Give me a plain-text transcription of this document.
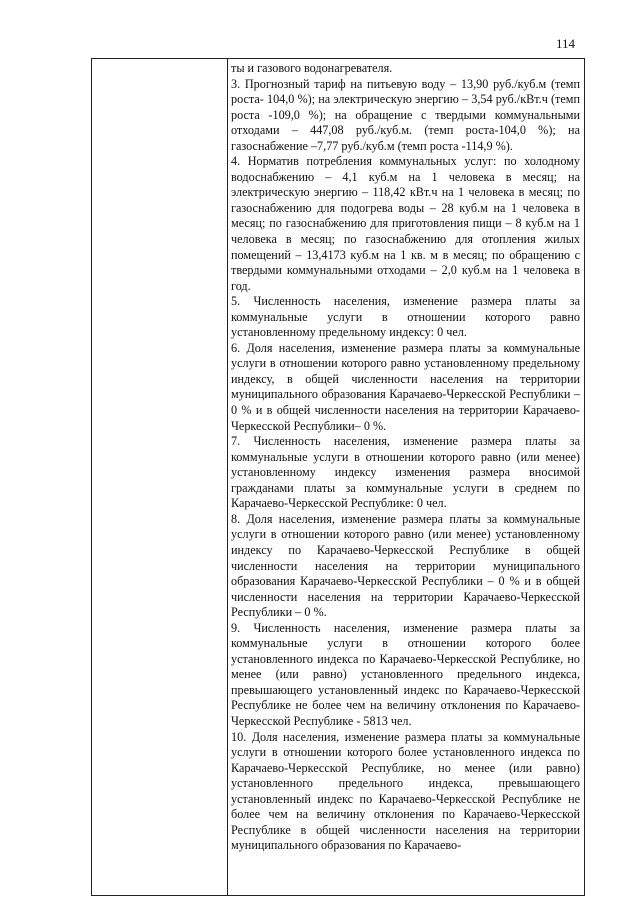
114

ты и газового водонагревателя.

3. Прогнозный тариф на питьевую воду – 13,90 руб./куб.м (темп роста- 104,0 %); на электрическую энергию – 3,54 руб./кВт.ч (темп роста -109,0 %); на обращение с твердыми коммунальными отходами – 447,08 руб./куб.м. (темп роста-104,0 %); на газоснабжение –7,77 руб./куб.м (темп роста -114,9 %).

4. Норматив потребления коммунальных услуг: по холодному водоснабжению – 4,1 куб.м на 1 человека в месяц; на электрическую энергию – 118,42 кВт.ч на 1 человека в месяц; по газоснабжению для подогрева воды – 28 куб.м на 1 человека в месяц; по газоснабжению для приготовления пищи – 8 куб.м на 1 человека в месяц; по газоснабжению для отопления жилых помещений – 13,4173 куб.м на 1 кв. м в месяц; по обращению с твердыми коммунальными отходами – 2,0 куб.м на 1 человека в год.

5. Численность населения, изменение размера платы за коммунальные услуги в отношении которого равно установленному предельному индексу: 0 чел.

6. Доля населения, изменение размера платы за коммунальные услуги в отношении которого равно установленному предельному индексу, в общей численности населения на территории муниципального образования Карачаево-Черкесской Республики – 0 % и в общей численности населения на территории Карачаево-Черкесской Республики– 0 %.

7. Численность населения, изменение размера платы за коммунальные услуги в отношении которого равно (или менее) установленному индексу изменения размера вносимой гражданами платы за коммунальные услуги в среднем по Карачаево-Черкесской Республике: 0 чел.

8. Доля населения, изменение размера платы за коммунальные услуги в отношении которого равно (или менее) установленному индексу по Карачаево-Черкесской Республике в общей численности населения на территории муниципального образования Карачаево-Черкесской Республики – 0 % и в общей численности населения на территории Карачаево-Черкесской Республики – 0 %.

9. Численность населения, изменение размера платы за коммунальные услуги в отношении которого более установленного индекса по Карачаево-Черкесской Республике, но менее (или равно) установленного предельного индекса, превышающего установленный индекс по Карачаево-Черкесской Республике не более чем на величину отклонения по Карачаево-Черкесской Республике - 5813 чел.

10. Доля населения, изменение размера платы за коммунальные услуги в отношении которого более установленного индекса по Карачаево-Черкесской Республике, но менее (или равно) установленного предельного индекса, превышающего установленный индекс по Карачаево-Черкесской Республике не более чем на величину отклонения по Карачаево-Черкесской Республике в общей численности населения на территории муниципального образования по Карачаево-
